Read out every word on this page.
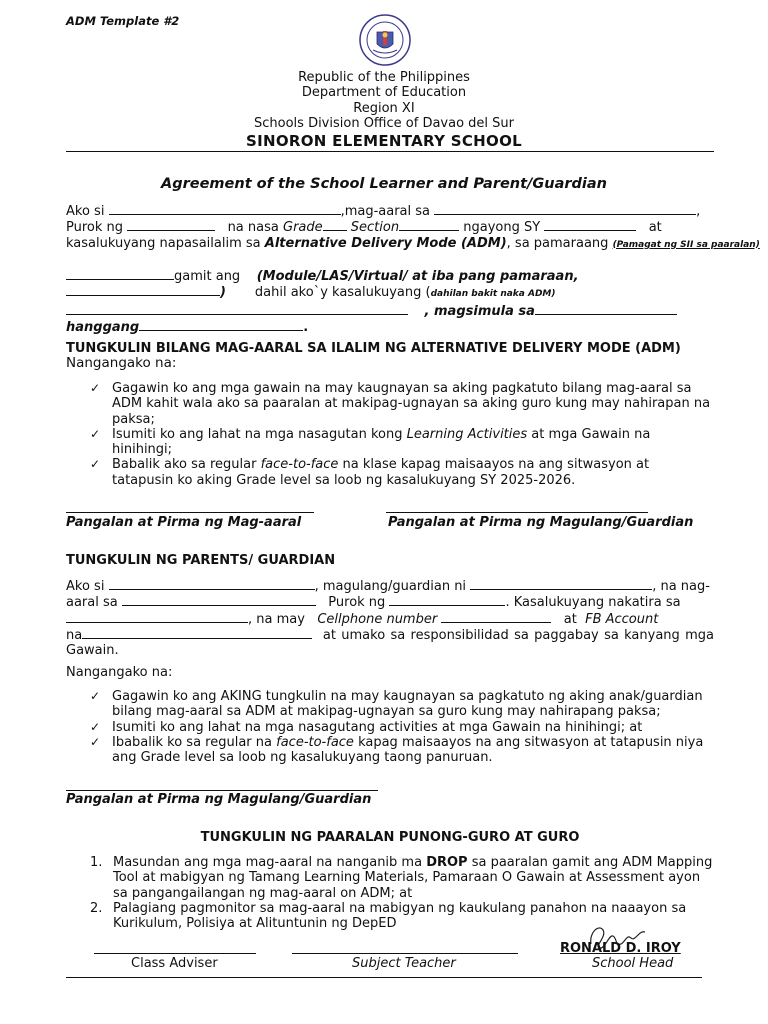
ADM Template #2
Republic of the Philippines
Department of Education
Region XI
Schools Division Office of Davao del Sur
SINORON ELEMENTARY SCHOOL
Agreement of the School Learner and Parent/Guardian

Ako si	,mag-aaral sa	,

Purok ng	na nasa Grade Section	ngayong SY	at

kasalukuyang napasailalim sa Alternative Delivery Mode (ADM), sa pamaraang (Pamagat ng SII sa paaralan)

gamit ang (Module/LAS/Virtual/ at iba pang pamaraan,

) dahil ako`y kasalukuyang (dahilan bakit naka ADM)

, magsimula sa

hanggang	.

TUNGKULIN BILANG MAG-AARAL SA ILALIM NG ALTERNATIVE DELIVERY MODE (ADM)
Nangangako na:
✓ Gagawin ko ang mga gawain na may kaugnayan sa aking pagkatuto bilang mag-aaral sa ADM kahit wala ako sa paaralan at makipag-ugnayan sa aking guro kung may nahirapan na paksa;
✓ Isumiti ko ang lahat na mga nasagutan kong Learning Activities at mga Gawain na hinihingi;
✓ Babalik ako sa regular face-to-face na klase kapag maisaayos na ang sitwasyon at tatapusin ko aking Grade level sa loob ng kasalukuyang SY 2025-2026.
Pangalan at Pirma ng Mag-aaral	Pangalan at Pirma ng Magulang/Guardian
TUNGKULIN NG PARENTS/ GUARDIAN

Ako si	, magulang/guardian ni	, na nag-

aaral sa	Purok ng	. Kasalukuyang nakatira sa

, na may Cellphone number	at FB Account

na	at umako sa responsibilidad sa paggabay sa kanyang mga Gawain.

Nangangako na:
✓ Gagawin ko ang AKING tungkulin na may kaugnayan sa pagkatuto ng aking anak/guardian bilang mag-aaral sa ADM at makipag-ugnayan sa guro kung may nahirapang paksa;
✓ Isumiti ko ang lahat na mga nasagutang activities at mga Gawain na hinihingi; at
✓ Ibabalik ko sa regular na face-to-face kapag maisaayos na ang sitwasyon at tatapusin niya ang Grade level sa loob ng kasalukuyang taong panuruan.
Pangalan at Pirma ng Magulang/Guardian
TUNGKULIN NG PAARALAN PUNONG-GURO AT GURO
1. Masundan ang mga mag-aaral na nanganib ma DROP sa paaralan gamit ang ADM Mapping Tool at mabigyan ng Tamang Learning Materials, Pamaraan O Gawain at Assessment ayon sa pangangailangan ng mag-aaral on ADM; at
2. Palagiang pagmonitor sa mag-aaral na mabigyan ng kaukulang panahon na naaayon sa Kurikulum, Polisiya at Alituntunin ng DepED
RONALD D. IROY
Class Adviser	Subject Teacher	School Head
